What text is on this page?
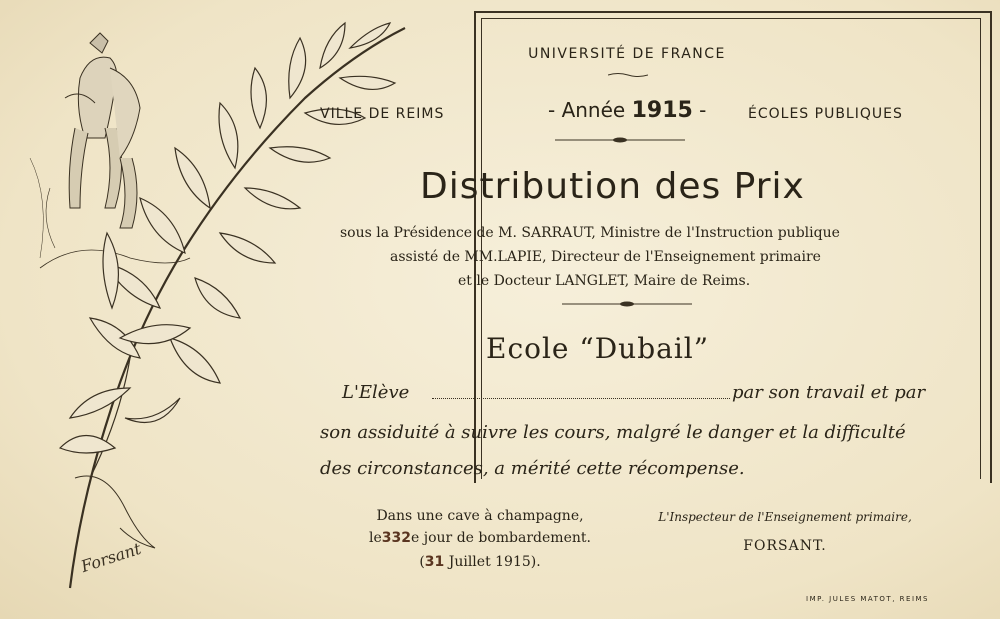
UNIVERSITÉ DE FRANCE
VILLE DE REIMS	- Année 1915 -	ÉCOLES PUBLIQUES
Distribution des Prix
sous la Présidence de M. SARRAUT, Ministre de l'Instruction publique
assisté de MM.LAPIE, Directeur de l'Enseignement primaire
et le Docteur LANGLET, Maire de Reims.
Ecole “Dubail”
L'Elève	par son travail et par
son assiduité à suivre les cours, malgré le danger et la difficulté
des circonstances, a mérité cette récompense.
Dans une cave à champagne,
le332e jour de bombardement.
(31 Juillet 1915).
L'Inspecteur de l'Enseignement primaire,
FORSANT.
Forsant
IMP. JULES MATOT, REIMS
